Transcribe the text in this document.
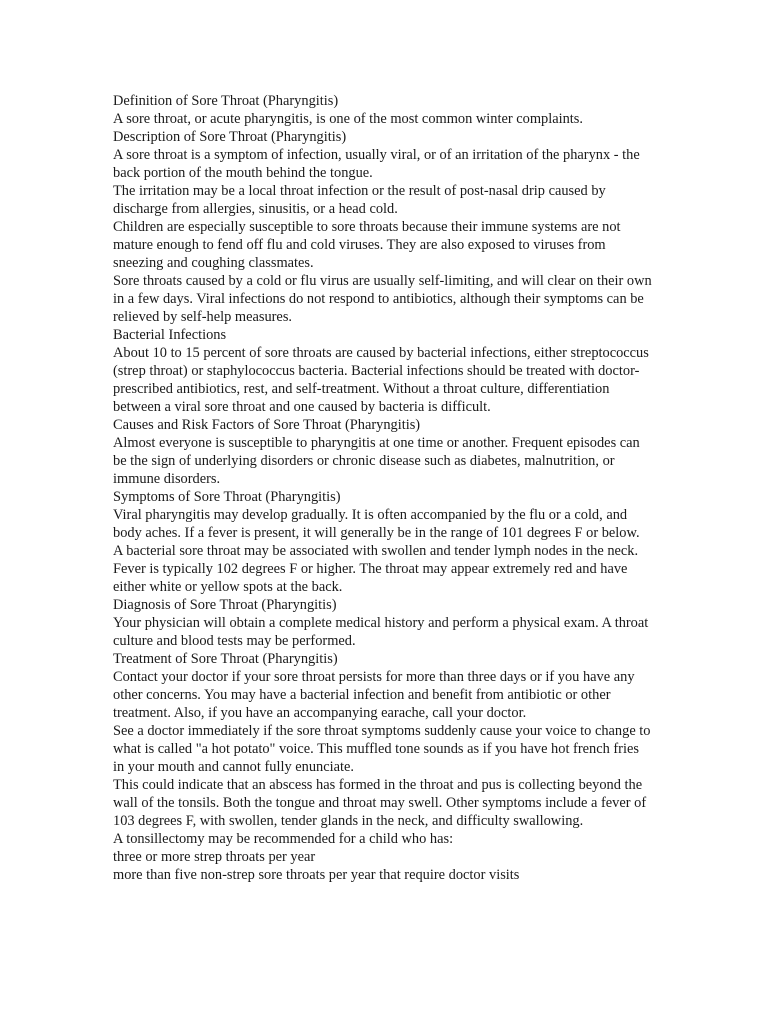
Definition of Sore Throat (Pharyngitis)

A sore throat, or acute pharyngitis, is one of the most common winter complaints.

Description of Sore Throat (Pharyngitis)

A sore throat is a symptom of infection, usually viral, or of an irritation of the pharynx - the back portion of the mouth behind the tongue.

The irritation may be a local throat infection or the result of post-nasal drip caused by discharge from allergies, sinusitis, or a head cold.

Children are especially susceptible to sore throats because their immune systems are not mature enough to fend off flu and cold viruses. They are also exposed to viruses from sneezing and coughing classmates.

Sore throats caused by a cold or flu virus are usually self-limiting, and will clear on their own in a few days. Viral infections do not respond to antibiotics, although their symptoms can be relieved by self-help measures.

Bacterial Infections

About 10 to 15 percent of sore throats are caused by bacterial infections, either streptococcus (strep throat) or staphylococcus bacteria. Bacterial infections should be treated with doctor-prescribed antibiotics, rest, and self-treatment. Without a throat culture, differentiation between a viral sore throat and one caused by bacteria is difficult.

Causes and Risk Factors of Sore Throat (Pharyngitis)

Almost everyone is susceptible to pharyngitis at one time or another. Frequent episodes can be the sign of underlying disorders or chronic disease such as diabetes, malnutrition, or immune disorders.

Symptoms of Sore Throat (Pharyngitis)

Viral pharyngitis may develop gradually. It is often accompanied by the flu or a cold, and body aches. If a fever is present, it will generally be in the range of 101 degrees F or below.

A bacterial sore throat may be associated with swollen and tender lymph nodes in the neck. Fever is typically 102 degrees F or higher. The throat may appear extremely red and have either white or yellow spots at the back.

Diagnosis of Sore Throat (Pharyngitis)

Your physician will obtain a complete medical history and perform a physical exam. A throat culture and blood tests may be performed.

Treatment of Sore Throat (Pharyngitis)

Contact your doctor if your sore throat persists for more than three days or if you have any other concerns. You may have a bacterial infection and benefit from antibiotic or other treatment. Also, if you have an accompanying earache, call your doctor.

See a doctor immediately if the sore throat symptoms suddenly cause your voice to change to what is called "a hot potato" voice. This muffled tone sounds as if you have hot french fries in your mouth and cannot fully enunciate.

This could indicate that an abscess has formed in the throat and pus is collecting beyond the wall of the tonsils. Both the tongue and throat may swell. Other symptoms include a fever of 103 degrees F, with swollen, tender glands in the neck, and difficulty swallowing.

A tonsillectomy may be recommended for a child who has:

three or more strep throats per year

more than five non-strep sore throats per year that require doctor visits
